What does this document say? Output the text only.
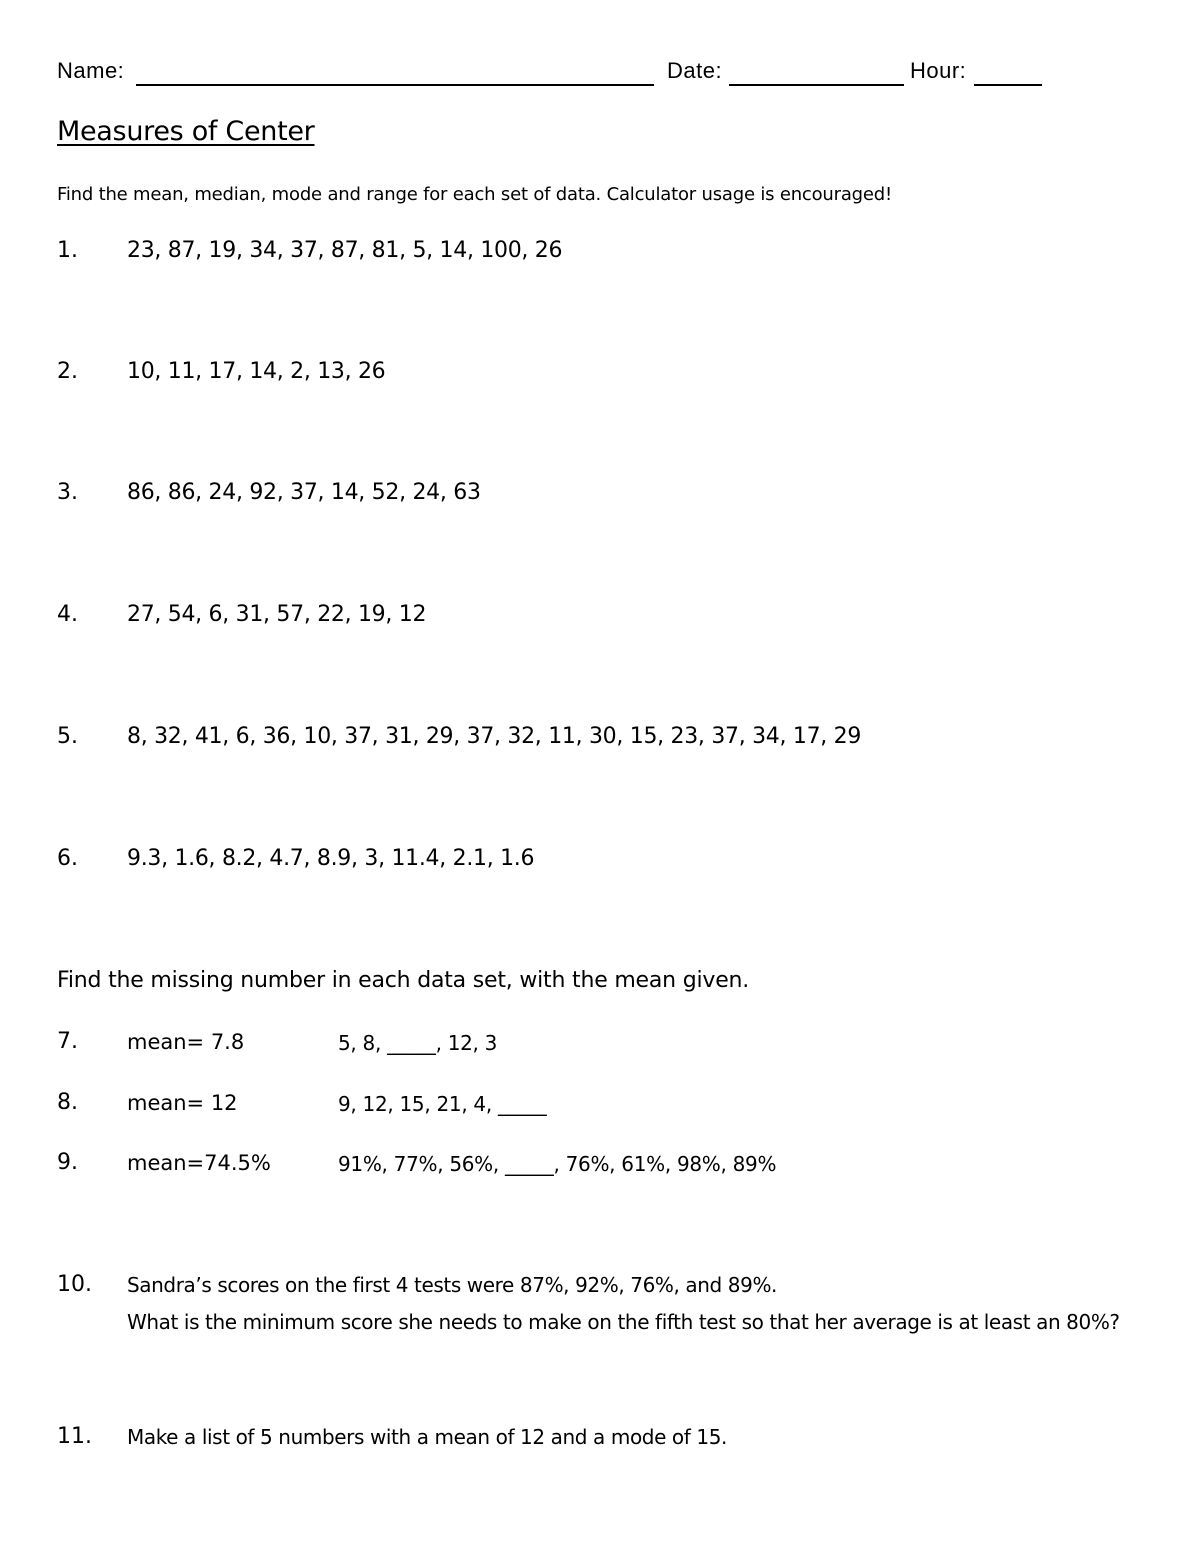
Name:	Date:	Hour:
Measures of Center
Find the mean, median, mode and range for each set of data. Calculator usage is encouraged!
1. 23, 87, 19, 34, 37, 87, 81, 5, 14, 100, 26
2. 10, 11, 17, 14, 2, 13, 26
3. 86, 86, 24, 92, 37, 14, 52, 24, 63
4. 27, 54, 6, 31, 57, 22, 19, 12
5. 8, 32, 41, 6, 36, 10, 37, 31, 29, 37, 32, 11, 30, 15, 23, 37, 34, 17, 29
6. 9.3, 1.6, 8.2, 4.7, 8.9, 3, 11.4, 2.1, 1.6
Find the missing number in each data set, with the mean given.
7. mean= 7.8	5, 8, _____, 12, 3
8. mean= 12	9, 12, 15, 21, 4, _____
9. mean=74.5%	91%, 77%, 56%, _____, 76%, 61%, 98%, 89%
10. Sandra’s scores on the first 4 tests were 87%, 92%, 76%, and 89%.
What is the minimum score she needs to make on the fifth test so that her average is at least an 80%?
11. Make a list of 5 numbers with a mean of 12 and a mode of 15.
